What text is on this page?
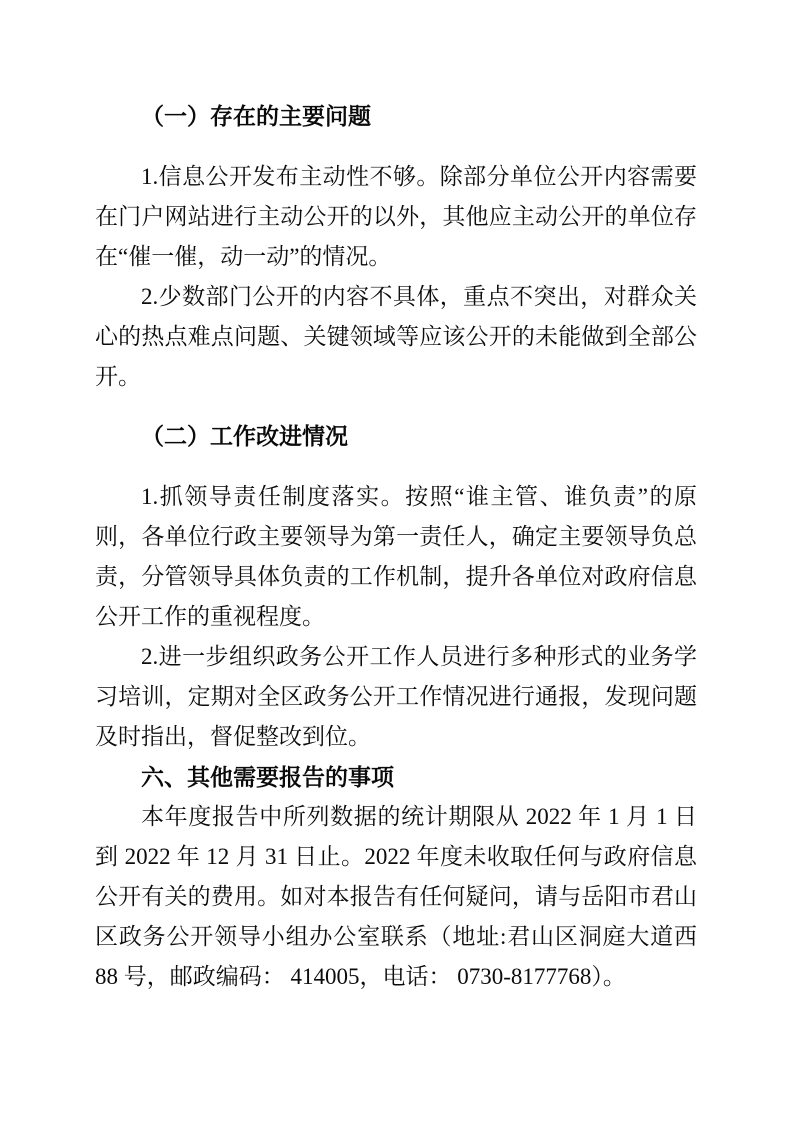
（一）存在的主要问题

1.信息公开发布主动性不够。除部分单位公开内容需要在门户网站进行主动公开的以外，其他应主动公开的单位存在“催一催，动一动”的情况。

2.少数部门公开的内容不具体，重点不突出，对群众关心的热点难点问题、关键领域等应该公开的未能做到全部公开。

（二）工作改进情况

1.抓领导责任制度落实。按照“谁主管、谁负责”的原则，各单位行政主要领导为第一责任人，确定主要领导负总责，分管领导具体负责的工作机制，提升各单位对政府信息公开工作的重视程度。

2.进一步组织政务公开工作人员进行多种形式的业务学习培训，定期对全区政务公开工作情况进行通报，发现问题及时指出，督促整改到位。

六、其他需要报告的事项

本年度报告中所列数据的统计期限从 2022 年 1 月 1 日到 2022 年 12 月 31 日止。2022 年度未收取任何与政府信息公开有关的费用。如对本报告有任何疑问，请与岳阳市君山区政务公开领导小组办公室联系（地址:君山区洞庭大道西 88 号，邮政编码： 414005，电话： 0730-8177768）。
